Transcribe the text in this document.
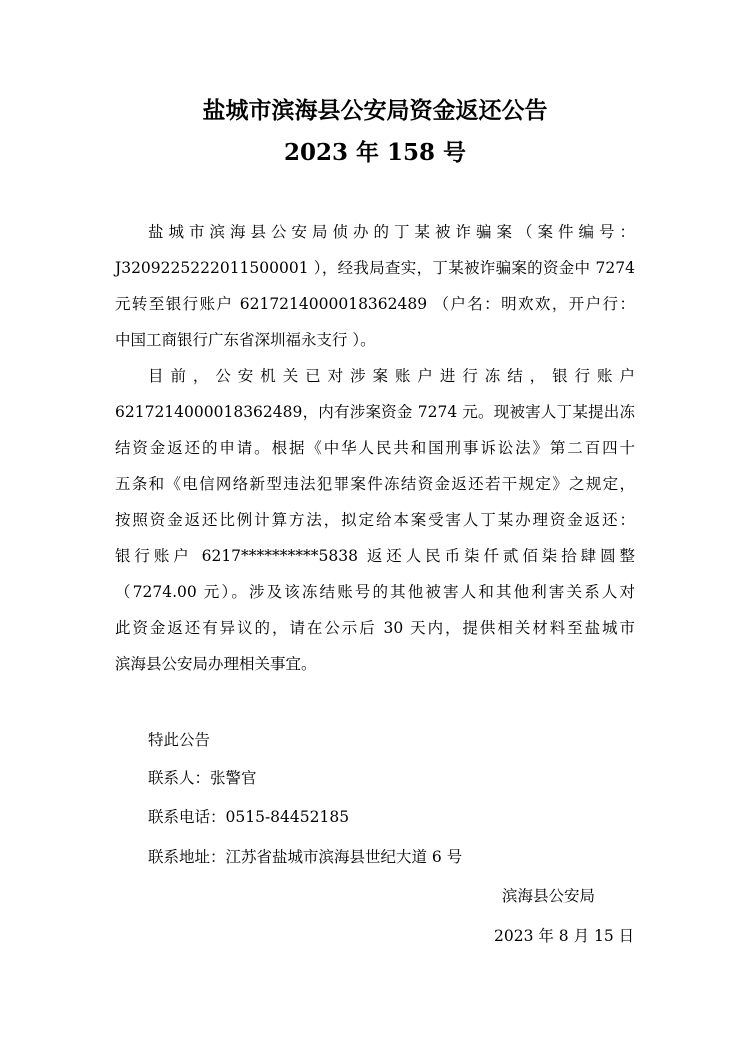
盐城市滨海县公安局资金返还公告
2023 年 158 号
盐城市滨海县公安局侦办的丁某被诈骗案（案件编号：
J3209225222011500001 ），经我局查实，丁某被诈骗案的资金中 7274
元转至银行账户 6217214000018362489 （户名：明欢欢，开户行：
中国工商银行广东省深圳福永支行 ）。
目前，公安机关已对涉案账户进行冻结，银行账户
6217214000018362489，内有涉案资金 7274 元。现被害人丁某提出冻
结资金返还的申请。根据《中华人民共和国刑事诉讼法》第二百四十
五条和《电信网络新型违法犯罪案件冻结资金返还若干规定》之规定，
按照资金返还比例计算方法，拟定给本案受害人丁某办理资金返还：
银行账户 6217**********5838 返还人民币柒仟贰佰柒拾肆圆整
（7274.00 元）。涉及该冻结账号的其他被害人和其他利害关系人对
此资金返还有异议的，请在公示后 30 天内，提供相关材料至盐城市
滨海县公安局办理相关事宜。
特此公告
联系人：张警官
联系电话：0515-84452185
联系地址：江苏省盐城市滨海县世纪大道 6 号
滨海县公安局
2023 年 8 月 15 日
